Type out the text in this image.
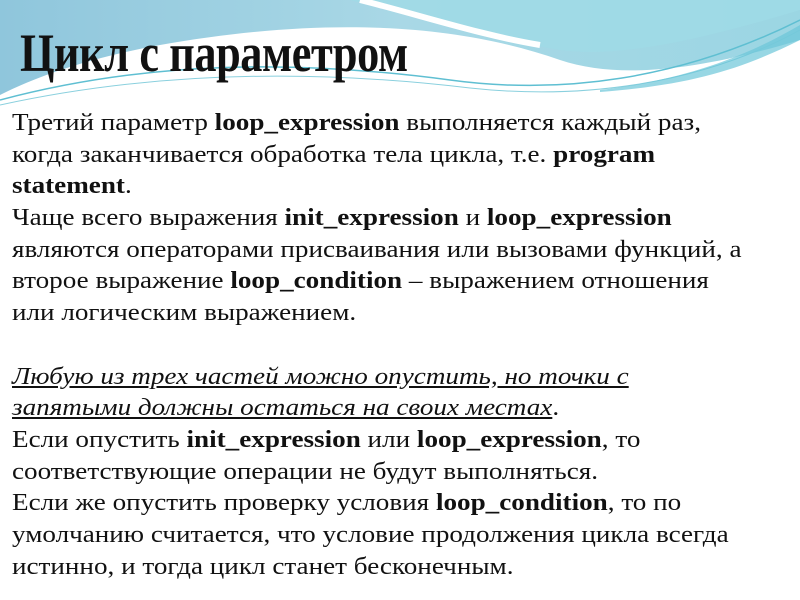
Цикл с параметром
Третий параметр loop_expression выполняется каждый раз,
когда заканчивается обработка тела цикла, т.е. program
statement.
Чаще всего выражения init_expression и loop_expression
являются операторами присваивания или вызовами функций, а
второе выражение loop_condition – выражением отношения
или логическим выражением.

Любую из трех частей можно опустить, но точки с
запятыми должны остаться на своих местах.
Если опустить init_expression или loop_expression, то
соответствующие операции не будут выполняться.
Если же опустить проверку условия loop_condition, то по
умолчанию считается, что условие продолжения цикла всегда
истинно, и тогда цикл станет бесконечным.
